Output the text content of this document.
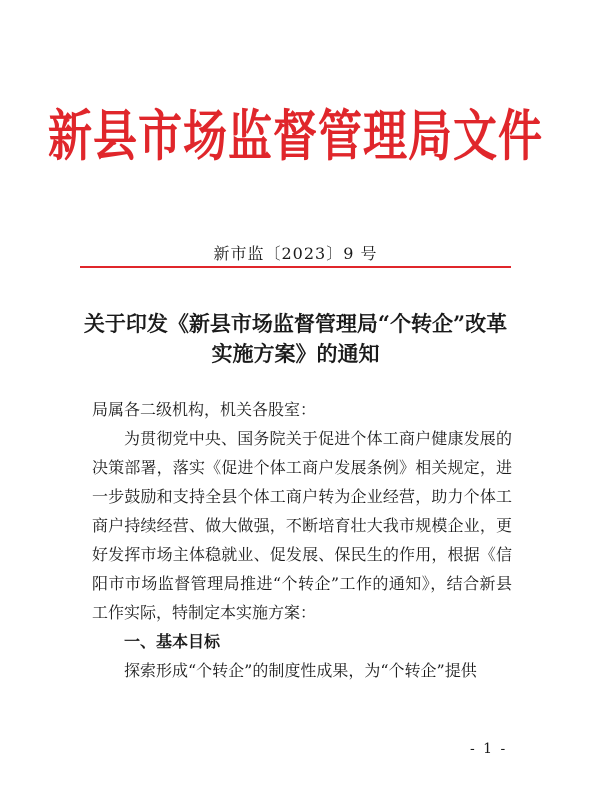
新县市场监督管理局文件
新市监〔2023〕9 号
关于印发《新县市场监督管理局“个转企”改革
实施方案》的通知

局属各二级机构，机关各股室：

为贯彻党中央、国务院关于促进个体工商户健康发展的决策部署，落实《促进个体工商户发展条例》相关规定，进一步鼓励和支持全县个体工商户转为企业经营，助力个体工商户持续经营、做大做强，不断培育壮大我市规模企业，更好发挥市场主体稳就业、促发展、保民生的作用，根据《信阳市市场监督管理局推进“个转企”工作的通知》，结合新县工作实际，特制定本实施方案：

一、基本目标

探索形成“个转企”的制度性成果，为“个转企”提供

- 1 -
